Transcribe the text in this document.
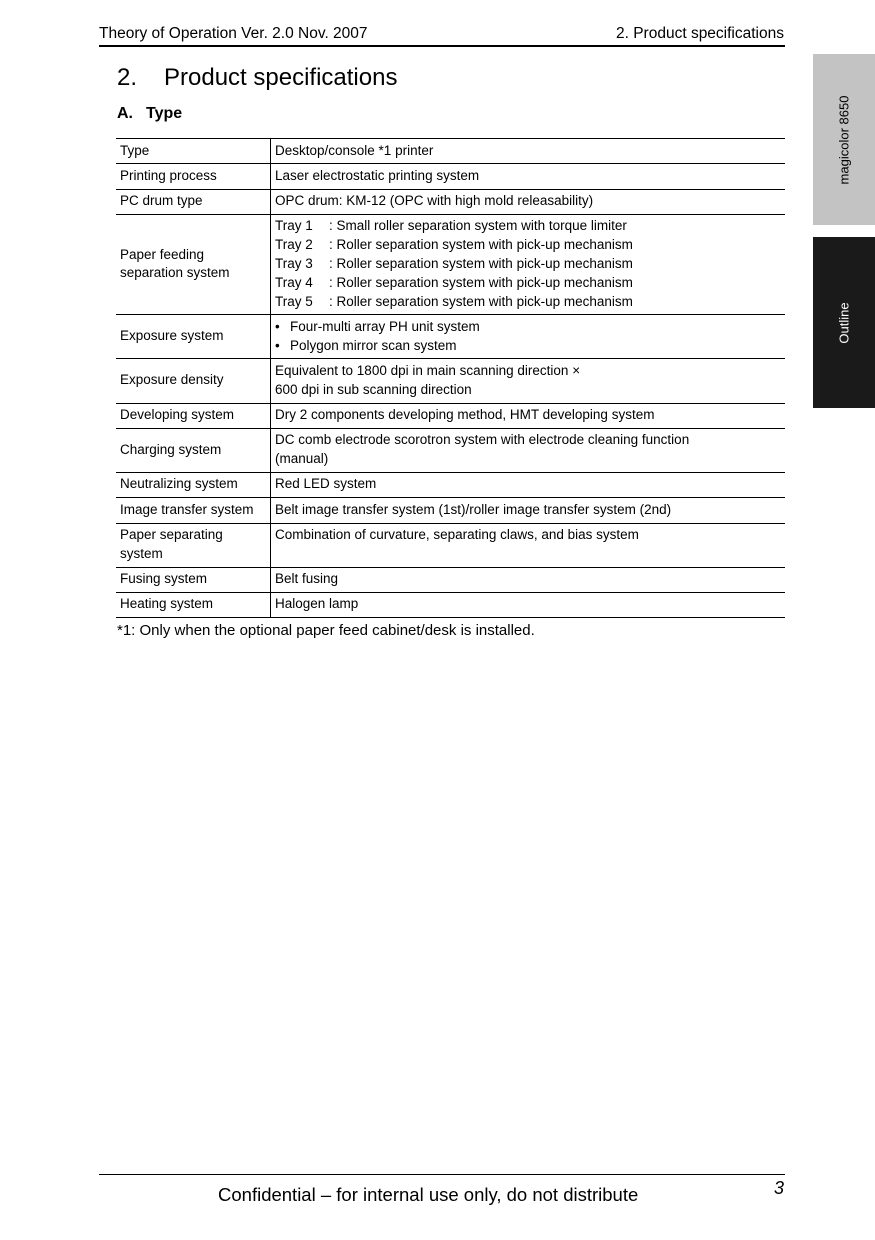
Theory of Operation Ver. 2.0 Nov. 2007	2. Product specifications
magicolor 8650
Outline
2. Product specifications
A. Type
Type	Desktop/console *1 printer
Printing process	Laser electrostatic printing system
PC drum type	OPC drum: KM-12 (OPC with high mold releasability)
Paper feeding separation system	Tray 1 : Small roller separation system with torque limiter
Tray 2 : Roller separation system with pick-up mechanism
Tray 3 : Roller separation system with pick-up mechanism
Tray 4 : Roller separation system with pick-up mechanism
Tray 5 : Roller separation system with pick-up mechanism

Exposure system	• Four-multi array PH unit system
• Polygon mirror scan system

Exposure density	Equivalent to 1800 dpi in main scanning direction ×
600 dpi in sub scanning direction

Developing system	Dry 2 components developing method, HMT developing system
Charging system	DC comb electrode scorotron system with electrode cleaning function
(manual)

Neutralizing system	Red LED system
Image transfer system	Belt image transfer system (1st)/roller image transfer system (2nd)
Paper separating system	Combination of curvature, separating claws, and bias system
Fusing system	Belt fusing
Heating system	Halogen lamp
*1: Only when the optional paper feed cabinet/desk is installed.
Confidential – for internal use only, do not distribute	3
